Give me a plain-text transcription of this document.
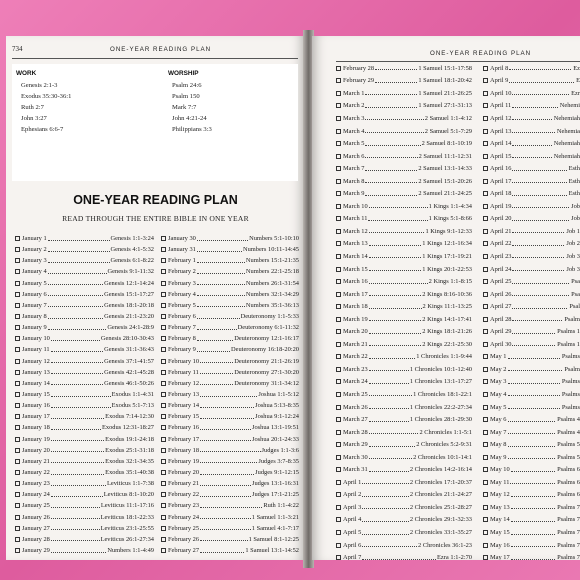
734	ONE-YEAR READING PLAN
WORK
Genesis 2:1-3
Exodus 35:30-36:1
Ruth 2:7
John 3:27
Ephesians 6:6-7
WORSHIP
Psalm 24:6
Psalm 150
Mark 7:7
John 4:21-24
Philippians 3:3
ONE-YEAR READING PLAN
READ THROUGH THE ENTIRE BIBLE IN ONE YEAR
January 1	Genesis 1:1-3:24
January 2	Genesis 4:1-5:32
January 3	Genesis 6:1-8:22
January 4	Genesis 9:1-11:32
January 5	Genesis 12:1-14:24
January 6	Genesis 15:1-17:27
January 7	Genesis 18:1-20:18
January 8	Genesis 21:1-23:20
January 9	Genesis 24:1-28:9
January 10	Genesis 28:10-30:43
January 11	Genesis 31:1-36:43
January 12	Genesis 37:1-41:57
January 13	Genesis 42:1-45:28
January 14	Genesis 46:1-50:26
January 15	Exodus 1:1-4:31
January 16	Exodus 5:1-7:13
January 17	Exodus 7:14-12:30
January 18	Exodus 12:31-18:27
January 19	Exodus 19:1-24:18
January 20	Exodus 25:1-31:18
January 21	Exodus 32:1-34:35
January 22	Exodus 35:1-40:38
January 23	Leviticus 1:1-7:38
January 24	Leviticus 8:1-10:20
January 25	Leviticus 11:1-17:16
January 26	Leviticus 18:1-22:33
January 27	Leviticus 23:1-25:55
January 28	Leviticus 26:1-27:34
January 29	Numbers 1:1-4:49
January 30	Numbers 5:1-10:10
January 31	Numbers 10:11-14:45
February 1	Numbers 15:1-21:35
February 2	Numbers 22:1-25:18
February 3	Numbers 26:1-31:54
February 4	Numbers 32:1-34:29
February 5	Numbers 35:1-36:13
February 6	Deuteronomy 1:1-5:33
February 7	Deuteronomy 6:1-11:32
February 8	Deuteronomy 12:1-16:17
February 9	Deuteronomy 16:18-20:20
February 10	Deuteronomy 21:1-26:19
February 11	Deuteronomy 27:1-30:20
February 12	Deuteronomy 31:1-34:12
February 13	Joshua 1:1-5:12
February 14	Joshua 5:13-8:35
February 15	Joshua 9:1-12:24
February 16	Joshua 13:1-19:51
February 17	Joshua 20:1-24:33
February 18	Judges 1:1-3:6
February 19	Judges 3:7-8:35
February 20	Judges 9:1-12:15
February 21	Judges 13:1-16:31
February 22	Judges 17:1-21:25
February 23	Ruth 1:1-4:22
February 24	1 Samuel 1:1-3:21
February 25	1 Samuel 4:1-7:17
February 26	1 Samuel 8:1-12:25
February 27	1 Samuel 13:1-14:52
ONE-YEAR READING PLAN
February 28	1 Samuel 15:1-17:58
February 29	1 Samuel 18:1-20:42
March 1	1 Samuel 21:1-26:25
March 2	1 Samuel 27:1-31:13
March 3	2 Samuel 1:1-4:12
March 4	2 Samuel 5:1-7:29
March 5	2 Samuel 8:1-10:19
March 6	2 Samuel 11:1-12:31
March 7	2 Samuel 13:1-14:33
March 8	2 Samuel 15:1-20:26
March 9	2 Samuel 21:1-24:25
March 10	1 Kings 1:1-4:34
March 11	1 Kings 5:1-8:66
March 12	1 Kings 9:1-12:33
March 13	1 Kings 12:1-16:34
March 14	1 Kings 17:1-19:21
March 15	1 Kings 20:1-22:53
March 16	2 Kings 1:1-8:15
March 17	2 Kings 8:16-10:36
March 18	2 Kings 11:1-13:25
March 19	2 Kings 14:1-17:41
March 20	2 Kings 18:1-21:26
March 21	2 Kings 22:1-25:30
March 22	1 Chronicles 1:1-9:44
March 23	1 Chronicles 10:1-12:40
March 24	1 Chronicles 13:1-17:27
March 25	1 Chronicles 18:1-22:1
March 26	1 Chronicles 22:2-27:34
March 27	1 Chronicles 28:1-29:30
March 28	2 Chronicles 1:1-5:1
March 29	2 Chronicles 5:2-9:31
March 30	2 Chronicles 10:1-14:1
March 31	2 Chronicles 14:2-16:14
April 1	2 Chronicles 17:1-20:37
April 2	2 Chronicles 21:1-24:27
April 3	2 Chronicles 25:1-28:27
April 4	2 Chronicles 29:1-32:33
April 5	2 Chronicles 33:1-35:27
April 6	2 Chronicles 36:1-23
April 7	Ezra 1:1-2:70
April 8	Ez
April 9	E
April 10	Ezr
April 11	Nehemi
April 12	Nehemiah
April 13	Nehemia
April 14	Nehemiah
April 15	Nehemiah
April 16	Esth
April 17	Esth
April 18	Esth
April 19	Job
April 20	Job
April 21	Job 1
April 22	Job 2
April 23	Job 3
April 24	Job 3
April 25	Psa
April 26	Psa
April 27	Psal
April 28	Psalm
April 29	Psalms 1
April 30	Psalms 1
May 1	Psalms
May 2	Psalm
May 3	Psalms
May 4	Psalms
May 5	Psalms
May 6	Psalms 4
May 7	Psalms 4
May 8	Psalms 5
May 9	Psalms 5
May 10	Psalms 6
May 11	Psalms 6
May 12	Psalms 6
May 13	Psalms 7
May 14	Psalms 7
May 15	Psalms 7
May 16	Psalms 7
May 17	Psalms 7
